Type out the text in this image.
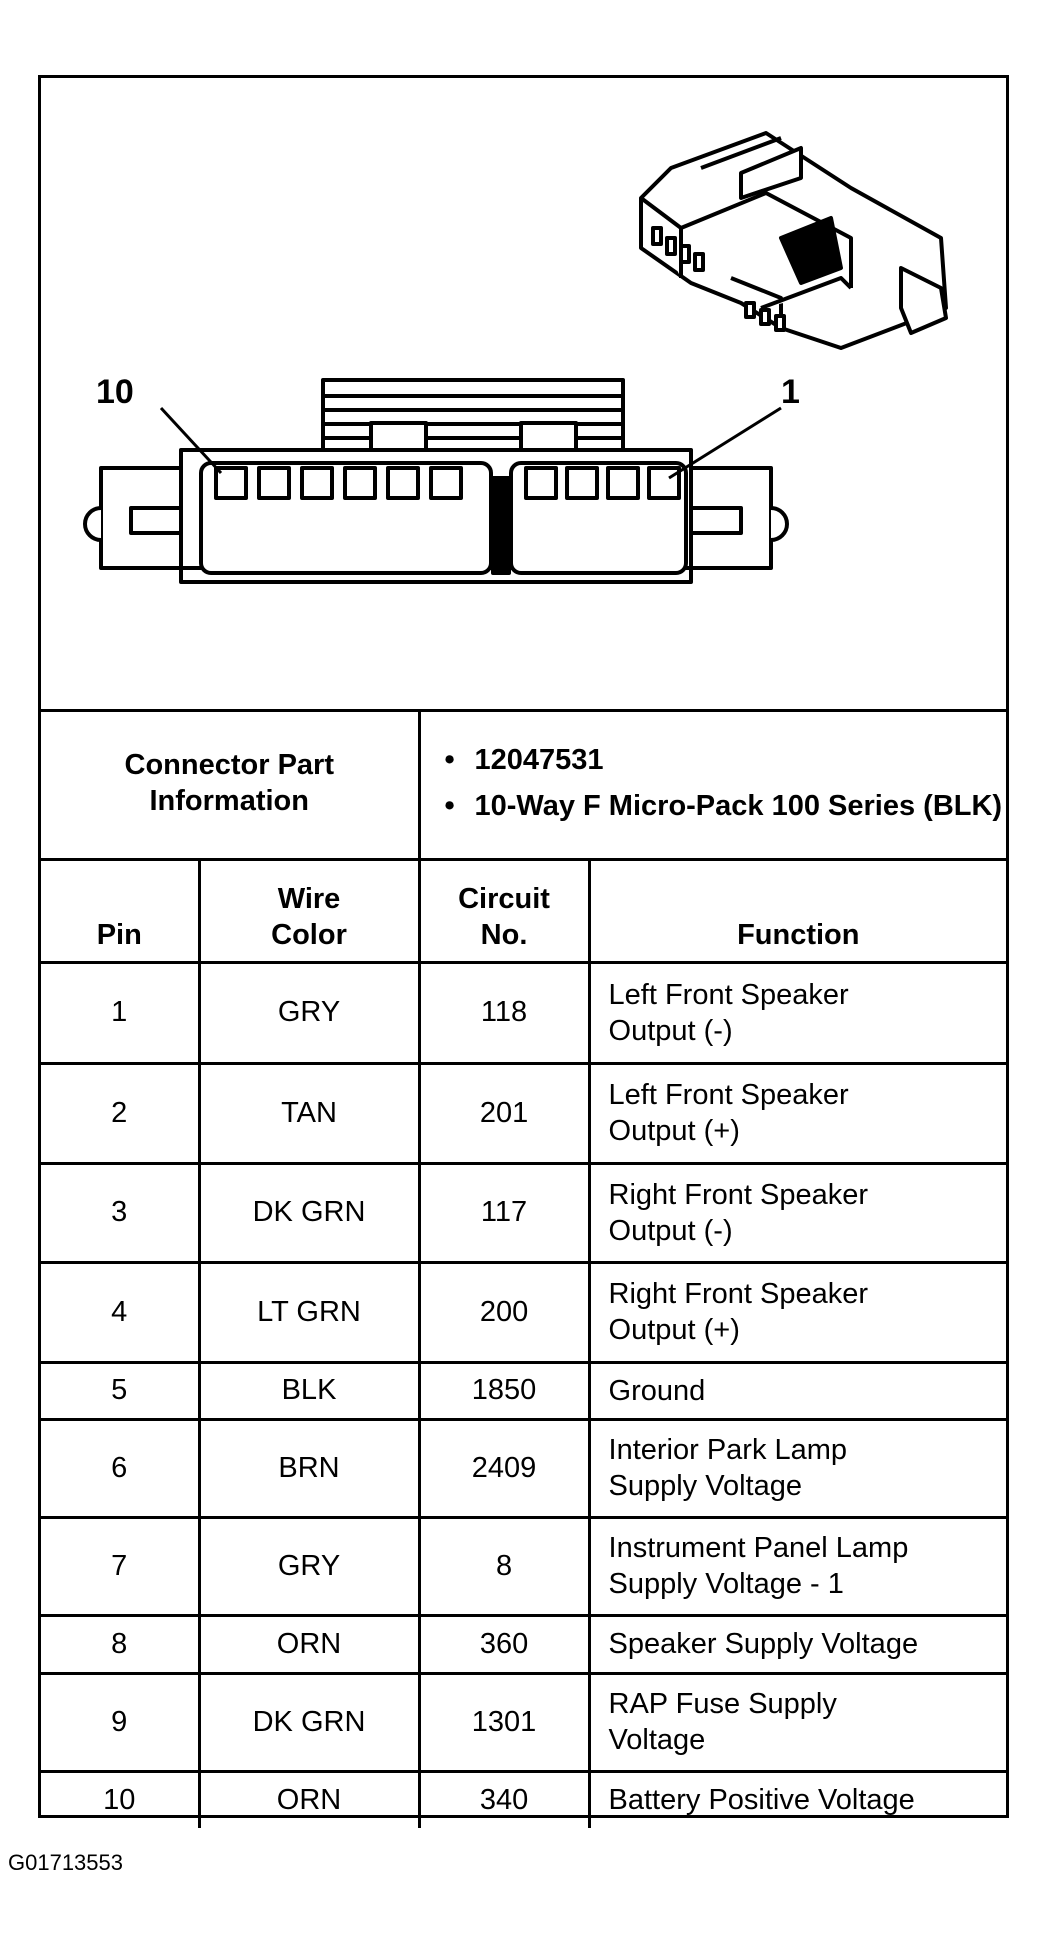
10	1
Connector Part Information		• 12047531
• 10-Way F Micro-Pack 100 Series (BLK)	

Pin	Wire Color	Circuit No.	Function
1	GRY	118	Left Front Speaker Output (-)

2	TAN	201	Left Front Speaker Output (+)

3	DK GRN	117	Right Front Speaker Output (-)

4	LT GRN	200	Right Front Speaker Output (+)

5	BLK	1850	Ground
6	BRN	2409	Interior Park Lamp Supply Voltage

7	GRY	8	Instrument Panel Lamp Supply Voltage - 1

8	ORN	360	Speaker Supply Voltage
9	DK GRN	1301	RAP Fuse Supply Voltage

10	ORN	340	Battery Positive Voltage
G01713553
